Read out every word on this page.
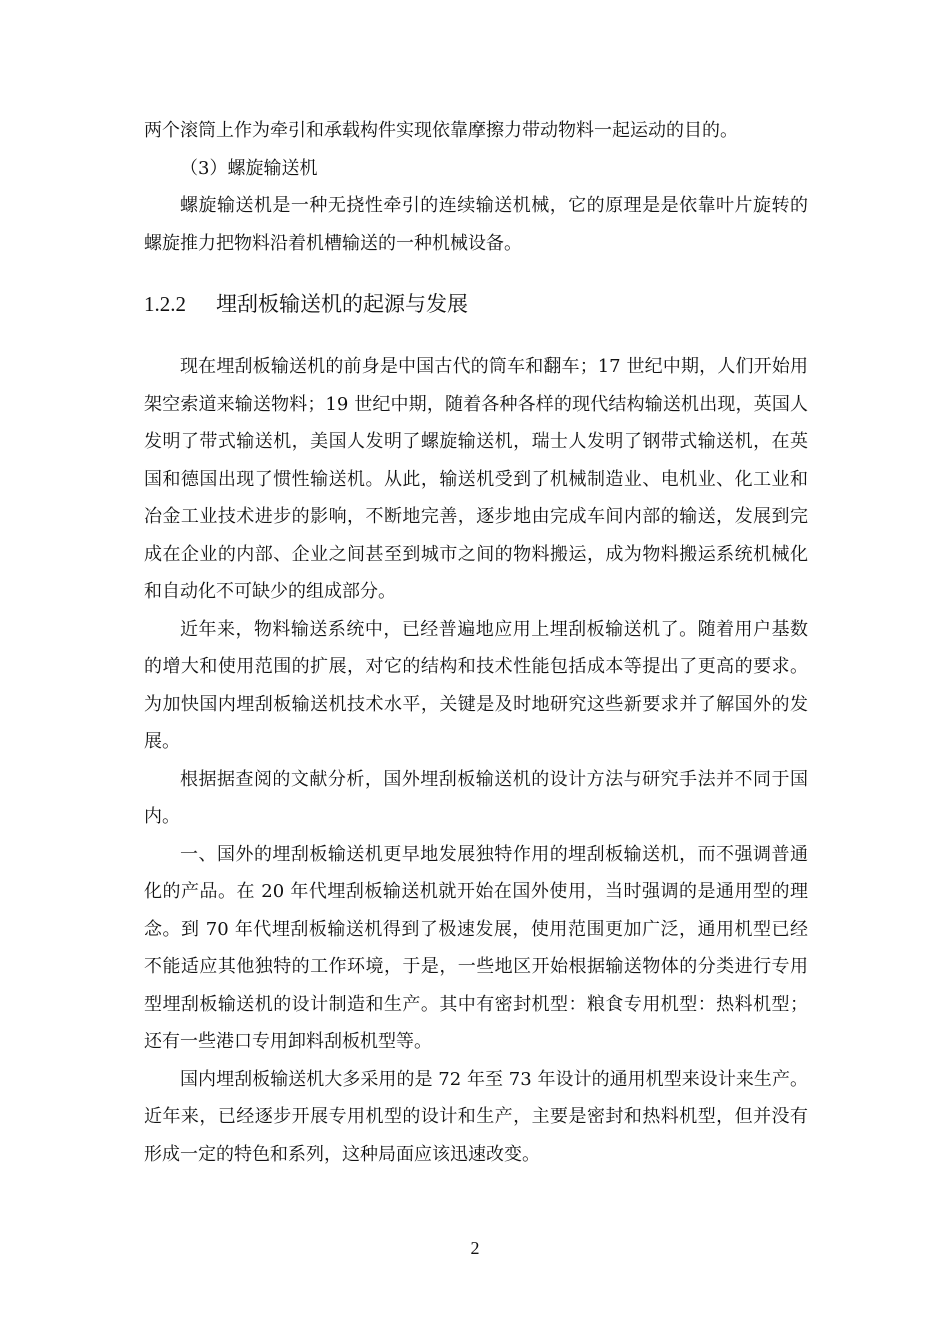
两个滚筒上作为牵引和承载构件实现依靠摩擦力带动物料一起运动的目的。

（3）螺旋输送机

螺旋输送机是一种无挠性牵引的连续输送机械，它的原理是是依靠叶片旋转的螺旋推力把物料沿着机槽输送的一种机械设备。

1.2.2 埋刮板输送机的起源与发展

现在埋刮板输送机的前身是中国古代的筒车和翻车；17 世纪中期，人们开始用架空索道来输送物料；19 世纪中期，随着各种各样的现代结构输送机出现，英国人发明了带式输送机，美国人发明了螺旋输送机，瑞士人发明了钢带式输送机，在英国和德国出现了惯性输送机。从此，输送机受到了机械制造业、电机业、化工业和冶金工业技术进步的影响，不断地完善，逐步地由完成车间内部的输送，发展到完成在企业的内部、企业之间甚至到城市之间的物料搬运，成为物料搬运系统机械化和自动化不可缺少的组成部分。

近年来，物料输送系统中，已经普遍地应用上埋刮板输送机了。随着用户基数的增大和使用范围的扩展，对它的结构和技术性能包括成本等提出了更高的要求。为加快国内埋刮板输送机技术水平，关键是及时地研究这些新要求并了解国外的发展。

根据据查阅的文献分析，国外埋刮板输送机的设计方法与研究手法并不同于国内。

一、国外的埋刮板输送机更早地发展独特作用的埋刮板输送机，而不强调普通化的产品。在 20 年代埋刮板输送机就开始在国外使用，当时强调的是通用型的理念。到 70 年代埋刮板输送机得到了极速发展，使用范围更加广泛，通用机型已经不能适应其他独特的工作环境，于是，一些地区开始根据输送物体的分类进行专用型埋刮板输送机的设计制造和生产。其中有密封机型：粮食专用机型：热料机型；还有一些港口专用卸料刮板机型等。

国内埋刮板输送机大多采用的是 72 年至 73 年设计的通用机型来设计来生产。近年来，已经逐步开展专用机型的设计和生产，主要是密封和热料机型，但并没有形成一定的特色和系列，这种局面应该迅速改变。

2
